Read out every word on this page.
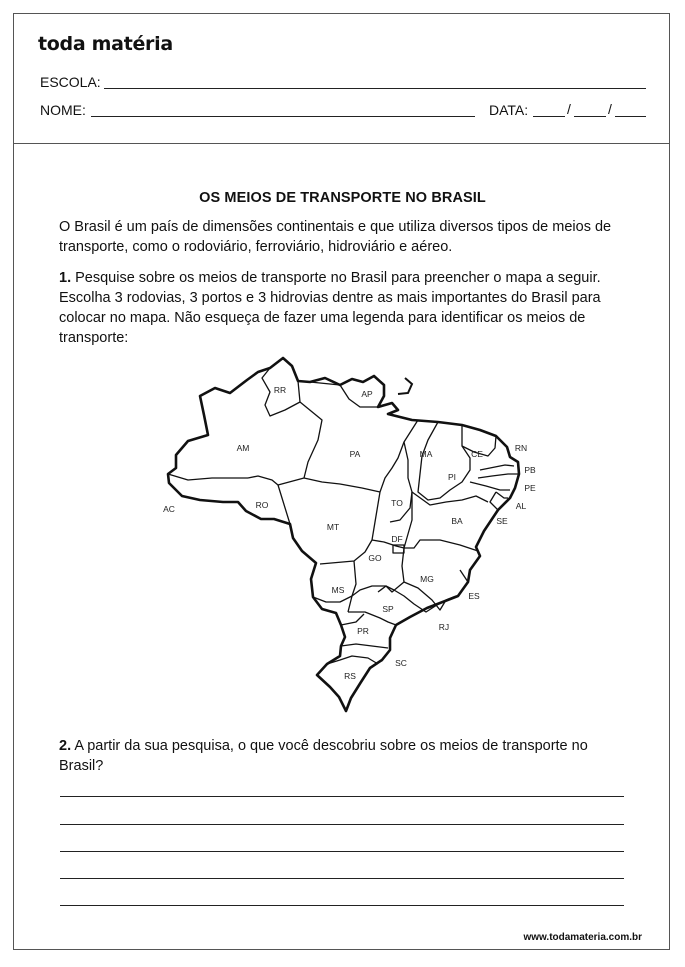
toda matéria
ESCOLA:
NOME:	DATA:	/	/
OS MEIOS DE TRANSPORTE NO BRASIL
O Brasil é um país de dimensões continentais e que utiliza diversos tipos de meios de transporte, como o rodoviário, ferroviário, hidroviário e aéreo.
1. Pesquise sobre os meios de transporte no Brasil para preencher o mapa a seguir. Escolha 3 rodovias, 3 portos e 3 hidrovias dentre as mais importantes do Brasil para colocar no mapa. Não esqueça de fazer uma legenda para identificar os meios de transporte:
RR	AP
AM
PA	MA	CE
RN
PB
PE
PI
AL
AC	RO	TO
SE
BA
MT
DF
GO
MG
MS
ES
SP
RJ
PR
SC
RS
2. A partir da sua pesquisa, o que você descobriu sobre os meios de transporte no Brasil?
www.todamateria.com.br
